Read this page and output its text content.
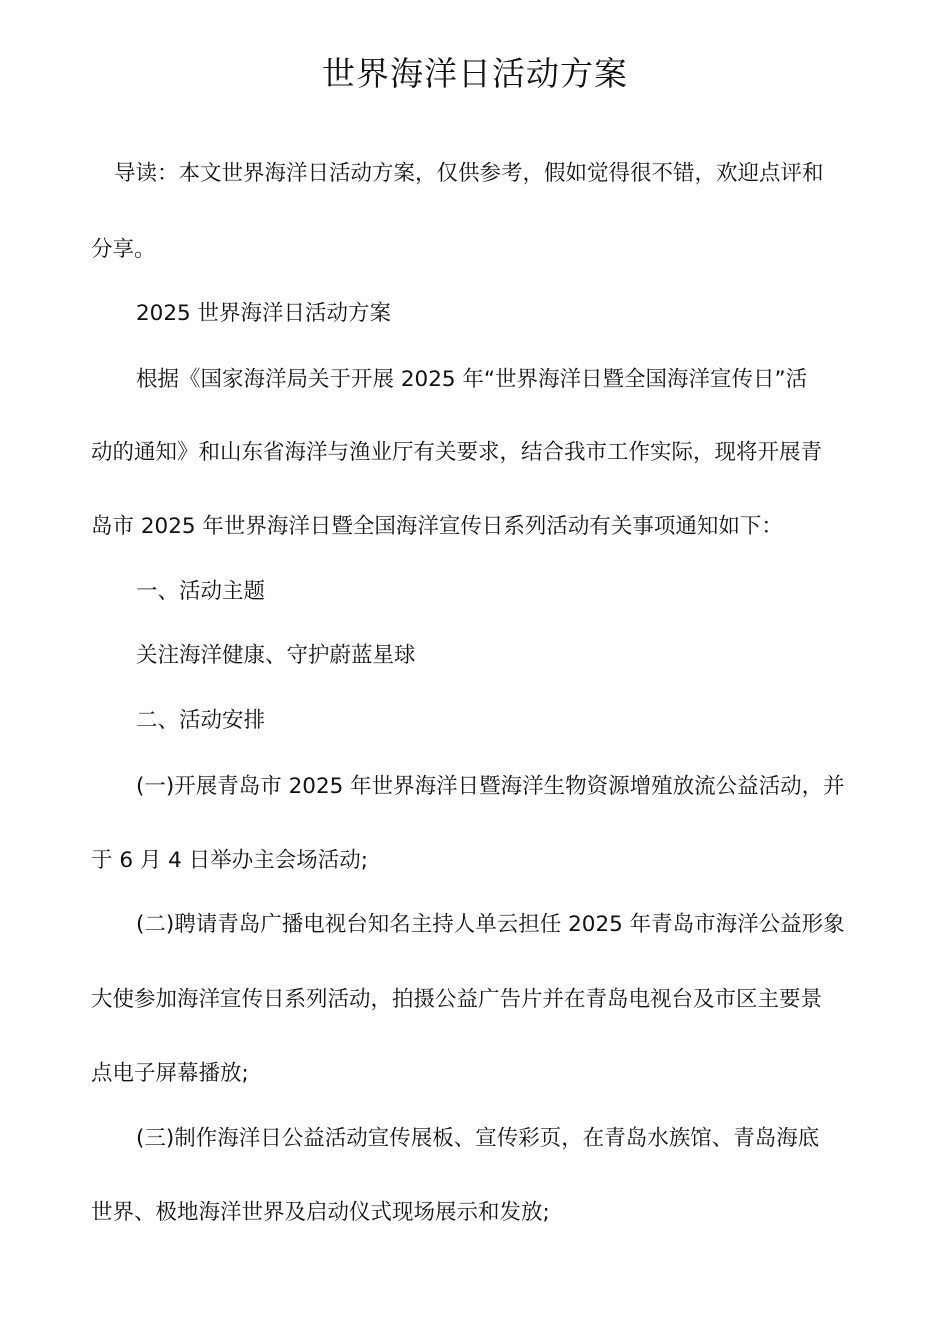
世界海洋日活动方案
导读：本文世界海洋日活动方案，仅供参考，假如觉得很不错，欢迎点评和
分享。
2025 世界海洋日活动方案
根据《国家海洋局关于开展 2025 年“世界海洋日暨全国海洋宣传日”活
动的通知》和山东省海洋与渔业厅有关要求，结合我市工作实际，现将开展青
岛市 2025 年世界海洋日暨全国海洋宣传日系列活动有关事项通知如下：
一、活动主题
关注海洋健康、守护蔚蓝星球
二、活动安排
(一)开展青岛市 2025 年世界海洋日暨海洋生物资源增殖放流公益活动，并
于 6 月 4 日举办主会场活动;
(二)聘请青岛广播电视台知名主持人单云担任 2025 年青岛市海洋公益形象
大使参加海洋宣传日系列活动，拍摄公益广告片并在青岛电视台及市区主要景
点电子屏幕播放;
(三)制作海洋日公益活动宣传展板、宣传彩页，在青岛水族馆、青岛海底
世界、极地海洋世界及启动仪式现场展示和发放;
